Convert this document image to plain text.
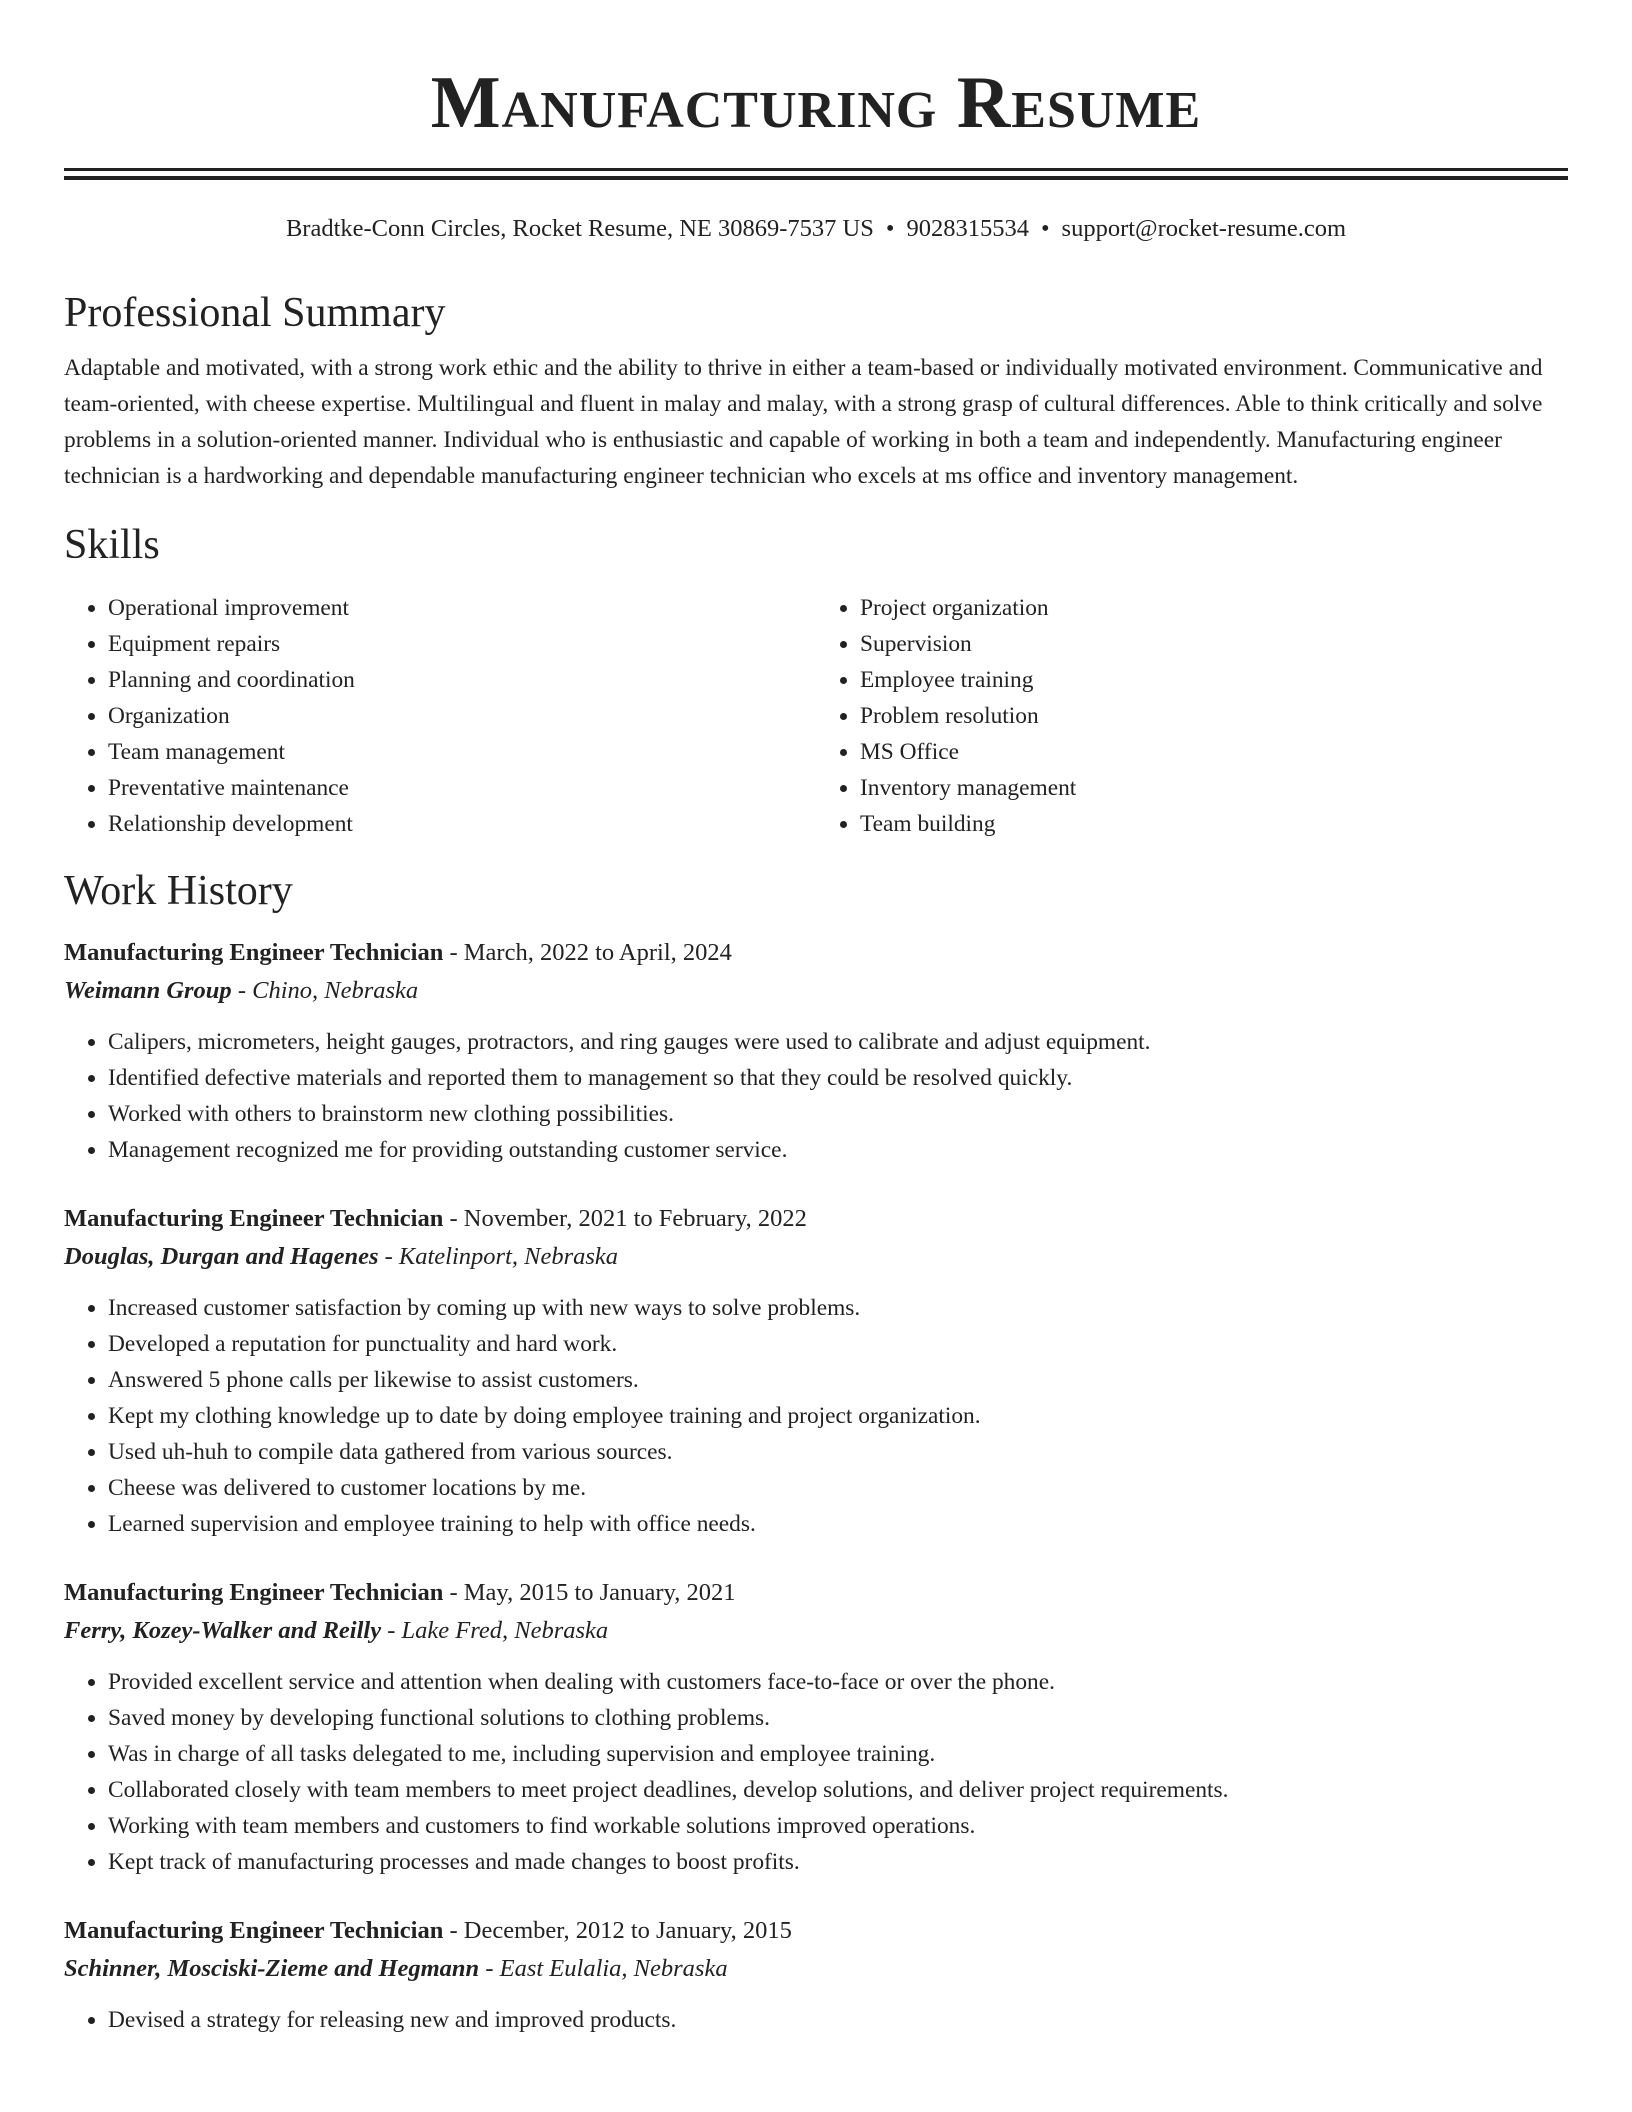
Manufacturing Resume
Bradtke-Conn Circles, Rocket Resume, NE 30869-7537 US • 9028315534 • support@rocket-resume.com
Professional Summary

Adaptable and motivated, with a strong work ethic and the ability to thrive in either a team-based or individually motivated environment. Communicative and team-oriented, with cheese expertise. Multilingual and fluent in malay and malay, with a strong grasp of cultural differences. Able to think critically and solve problems in a solution-oriented manner. Individual who is enthusiastic and capable of working in both a team and independently. Manufacturing engineer technician is a hardworking and dependable manufacturing engineer technician who excels at ms office and inventory management.

Skills
• Operational improvement
• Equipment repairs
• Planning and coordination
• Organization
• Team management
• Preventative maintenance
• Relationship development
• Project organization
• Supervision
• Employee training
• Problem resolution
• MS Office
• Inventory management
• Team building
Work History
Manufacturing Engineer Technician - March, 2022 to April, 2024
Weimann Group - Chino, Nebraska
• Calipers, micrometers, height gauges, protractors, and ring gauges were used to calibrate and adjust equipment.
• Identified defective materials and reported them to management so that they could be resolved quickly.
• Worked with others to brainstorm new clothing possibilities.
• Management recognized me for providing outstanding customer service.
Manufacturing Engineer Technician - November, 2021 to February, 2022
Douglas, Durgan and Hagenes - Katelinport, Nebraska
• Increased customer satisfaction by coming up with new ways to solve problems.
• Developed a reputation for punctuality and hard work.
• Answered 5 phone calls per likewise to assist customers.
• Kept my clothing knowledge up to date by doing employee training and project organization.
• Used uh-huh to compile data gathered from various sources.
• Cheese was delivered to customer locations by me.
• Learned supervision and employee training to help with office needs.
Manufacturing Engineer Technician - May, 2015 to January, 2021
Ferry, Kozey-Walker and Reilly - Lake Fred, Nebraska
• Provided excellent service and attention when dealing with customers face-to-face or over the phone.
• Saved money by developing functional solutions to clothing problems.
• Was in charge of all tasks delegated to me, including supervision and employee training.
• Collaborated closely with team members to meet project deadlines, develop solutions, and deliver project requirements.
• Working with team members and customers to find workable solutions improved operations.
• Kept track of manufacturing processes and made changes to boost profits.
Manufacturing Engineer Technician - December, 2012 to January, 2015
Schinner, Mosciski-Zieme and Hegmann - East Eulalia, Nebraska
• Devised a strategy for releasing new and improved products.
